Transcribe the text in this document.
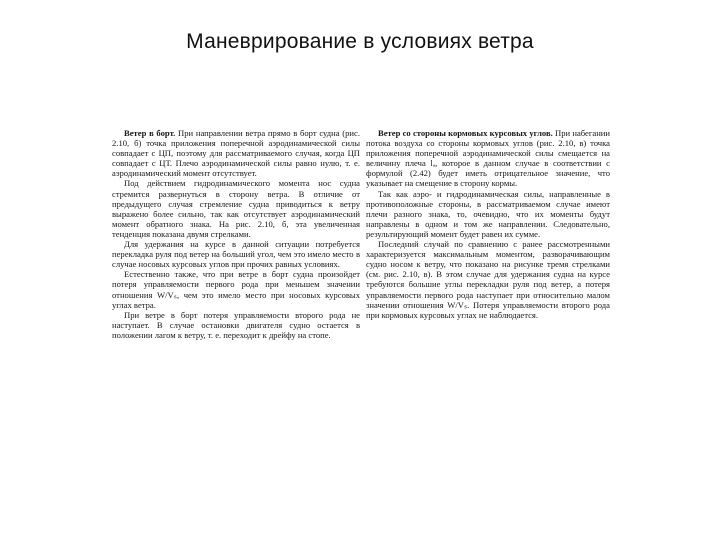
Маневрирование в условиях ветра

Ветер в борт. При направлении ветра прямо в борт судна (рис. 2.10, б) точка приложения поперечной аэродинамической силы совпадает с ЦП, поэтому для рассматриваемого случая, когда ЦП совпадает с ЦТ. Плечо аэродинамической силы равно нулю, т. е. аэродинамический момент отсутствует.

Под действием гидродинамического момента нос судна стремится развернуться в сторону ветра. В отличие от предыдущего случая стремление судна приводиться к ветру выражено более сильно, так как отсутствует аэродинамический момент обратного знака. На рис. 2.10, б, эта увеличенная тенденция показана двумя стрелками.

Для удержания на курсе в данной ситуации потребуется перекладка руля под ветер на больший угол, чем это имело место в случае носовых курсовых углов при прочих равных условиях.

Естественно также, что при ветре в борт судна произойдет потеря управляемости первого рода при меньшем значении отношения W/Vₛ, чем это имело место при носовых курсовых углах ветра.

При ветре в борт потеря управляемости второго рода не наступает. В случае остановки двигателя судно остается в положении лагом к ветру, т. е. переходит к дрейфу на стопе.

Ветер со стороны кормовых курсовых углов. При набегании потока воздуха со стороны кормовых углов (рис. 2.10, в) точка приложения поперечной аэродинамической силы смещается на величину плеча lₐ, которое в данном случае в соответствии с формулой (2.42) будет иметь отрицательное значение, что указывает на смещение в сторону кормы.

Так как аэро- и гидродинамическая силы, направленные в противоположные стороны, в рассматриваемом случае имеют плечи разного знака, то, очевидно, что их моменты будут направлены в одном и том же направлении. Следовательно, результирующий момент будет равен их сумме.

Последний случай по сравнению с ранее рассмотренными характеризуется максимальным моментом, разворачивающим судно носом к ветру, что показано на рисунке тремя стрелками (см. рис. 2.10, в). В этом случае для удержания судна на курсе требуются большие углы перекладки руля под ветер, а потеря управляемости первого рода наступает при относительно малом значении отношения W/Vₛ. Потеря управляемости второго рода при кормовых курсовых углах не наблюдается.
